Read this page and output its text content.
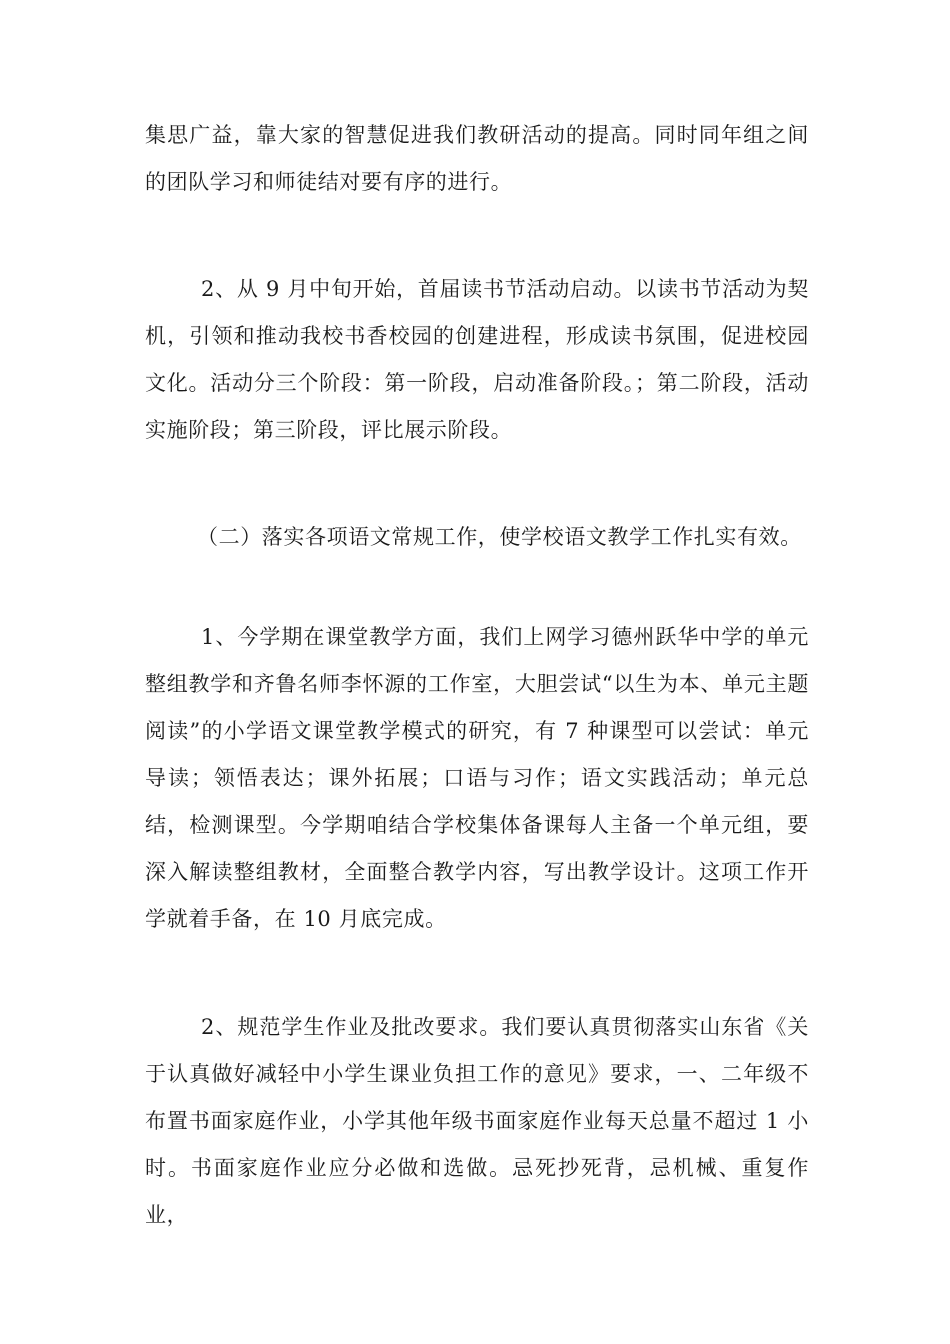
集思广益，靠大家的智慧促进我们教研活动的提高。同时同年组之间的团队学习和师徒结对要有序的进行。

2、从 9 月中旬开始，首届读书节活动启动。以读书节活动为契机，引领和推动我校书香校园的创建进程，形成读书氛围，促进校园文化。活动分三个阶段：第一阶段，启动准备阶段。；第二阶段，活动实施阶段；第三阶段，评比展示阶段。

（二）落实各项语文常规工作，使学校语文教学工作扎实有效。

1、今学期在课堂教学方面，我们上网学习德州跃华中学的单元整组教学和齐鲁名师李怀源的工作室，大胆尝试“以生为本、单元主题阅读”的小学语文课堂教学模式的研究，有 7 种课型可以尝试：单元导读；领悟表达；课外拓展；口语与习作；语文实践活动；单元总结，检测课型。今学期咱结合学校集体备课每人主备一个单元组，要深入解读整组教材，全面整合教学内容，写出教学设计。这项工作开学就着手备，在 10 月底完成。

2、规范学生作业及批改要求。我们要认真贯彻落实山东省《关于认真做好减轻中小学生课业负担工作的意见》要求，一、二年级不布置书面家庭作业，小学其他年级书面家庭作业每天总量不超过 1 小时。书面家庭作业应分必做和选做。忌死抄死背，忌机械、重复作业，
